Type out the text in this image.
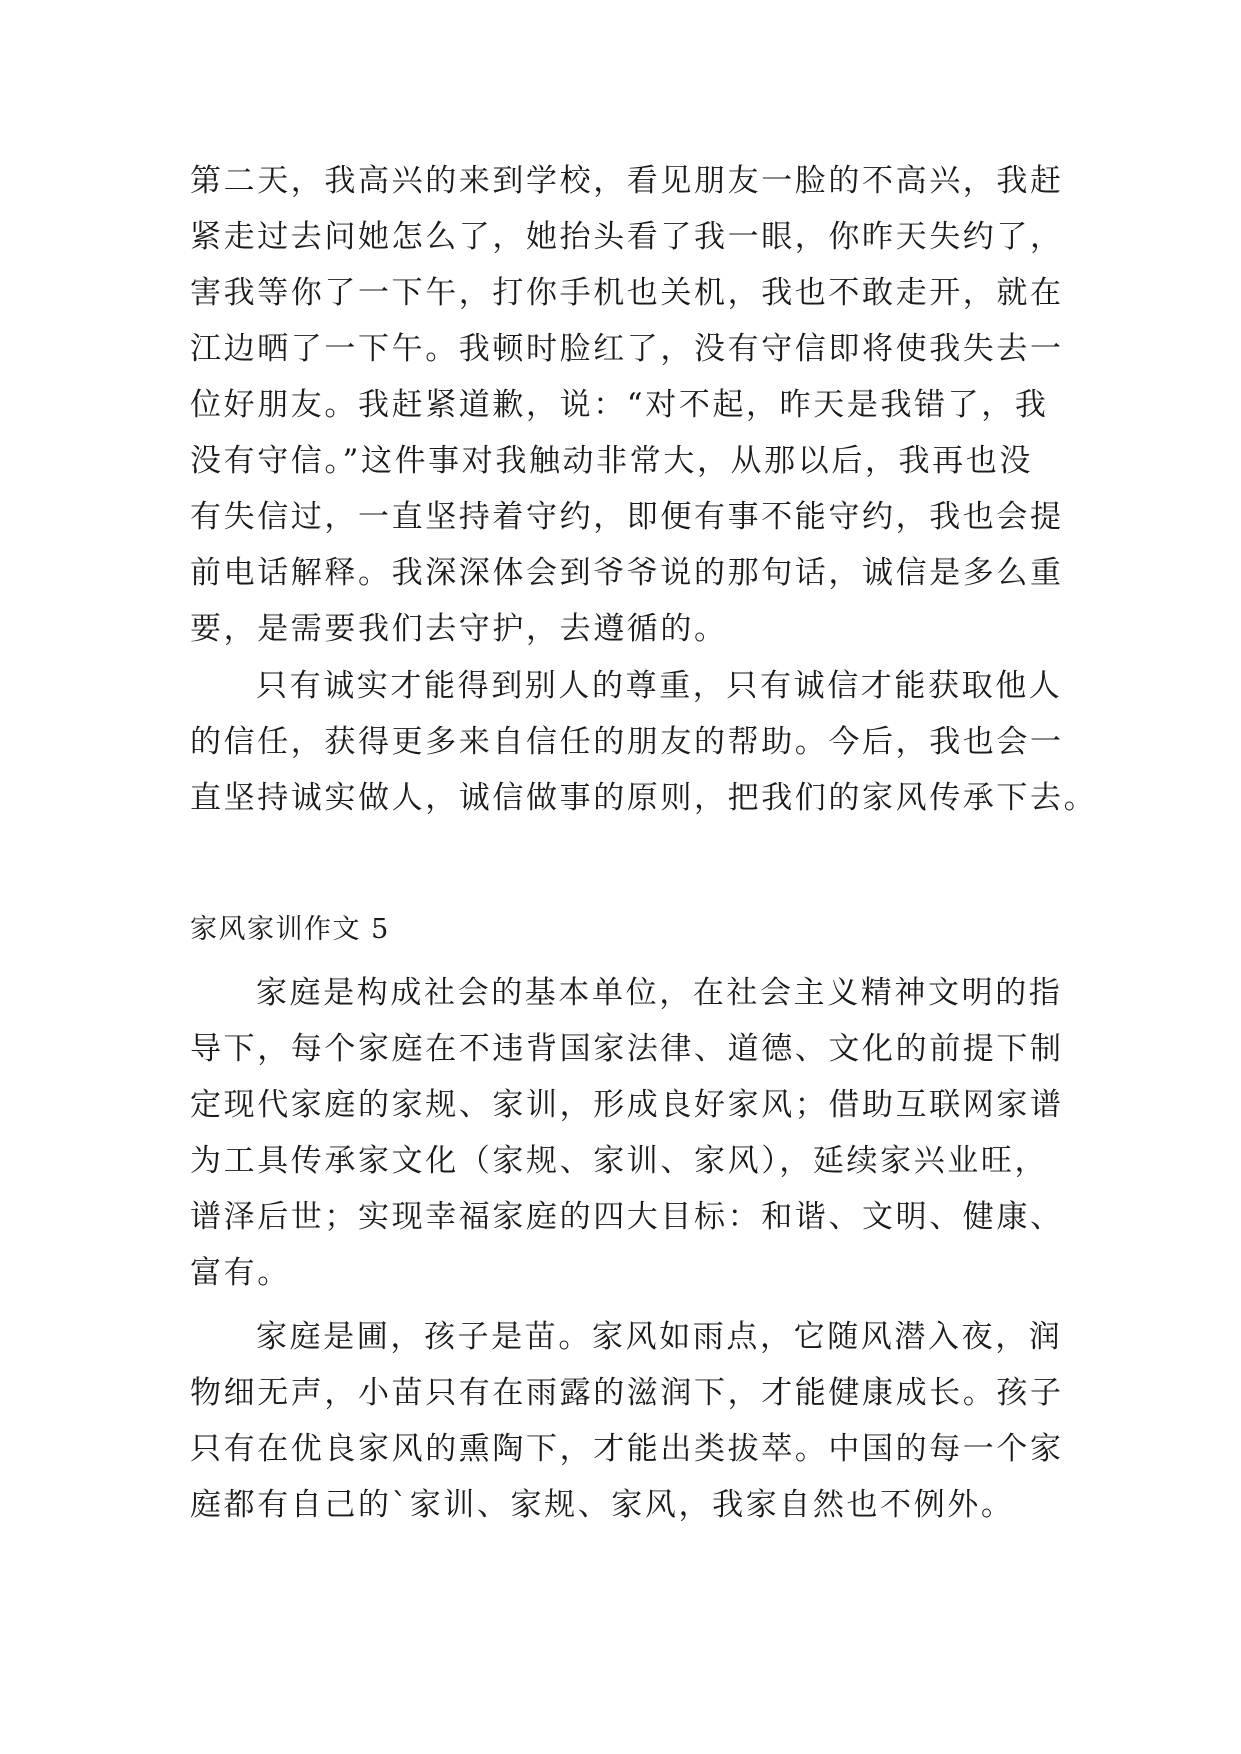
第二天，我高兴的来到学校，看见朋友一脸的不高兴，我赶
紧走过去问她怎么了，她抬头看了我一眼，你昨天失约了，
害我等你了一下午，打你手机也关机，我也不敢走开，就在
江边晒了一下午。我顿时脸红了，没有守信即将使我失去一
位好朋友。我赶紧道歉，说：“对不起，昨天是我错了，我
没有守信。”这件事对我触动非常大，从那以后，我再也没
有失信过，一直坚持着守约，即便有事不能守约，我也会提
前电话解释。我深深体会到爷爷说的那句话，诚信是多么重
要，是需要我们去守护，去遵循的。
只有诚实才能得到别人的尊重，只有诚信才能获取他人
的信任，获得更多来自信任的朋友的帮助。今后，我也会一
直坚持诚实做人，诚信做事的原则，把我们的家风传承下去。
家风家训作文 5
家庭是构成社会的基本单位，在社会主义精神文明的指
导下，每个家庭在不违背国家法律、道德、文化的前提下制
定现代家庭的家规、家训，形成良好家风；借助互联网家谱
为工具传承家文化（家规、家训、家风），延续家兴业旺，
谱泽后世；实现幸福家庭的四大目标：和谐、文明、健康、
富有。
家庭是圃，孩子是苗。家风如雨点，它随风潜入夜，润
物细无声，小苗只有在雨露的滋润下，才能健康成长。孩子
只有在优良家风的熏陶下，才能出类拔萃。中国的每一个家
庭都有自己的`家训、家规、家风，我家自然也不例外。
